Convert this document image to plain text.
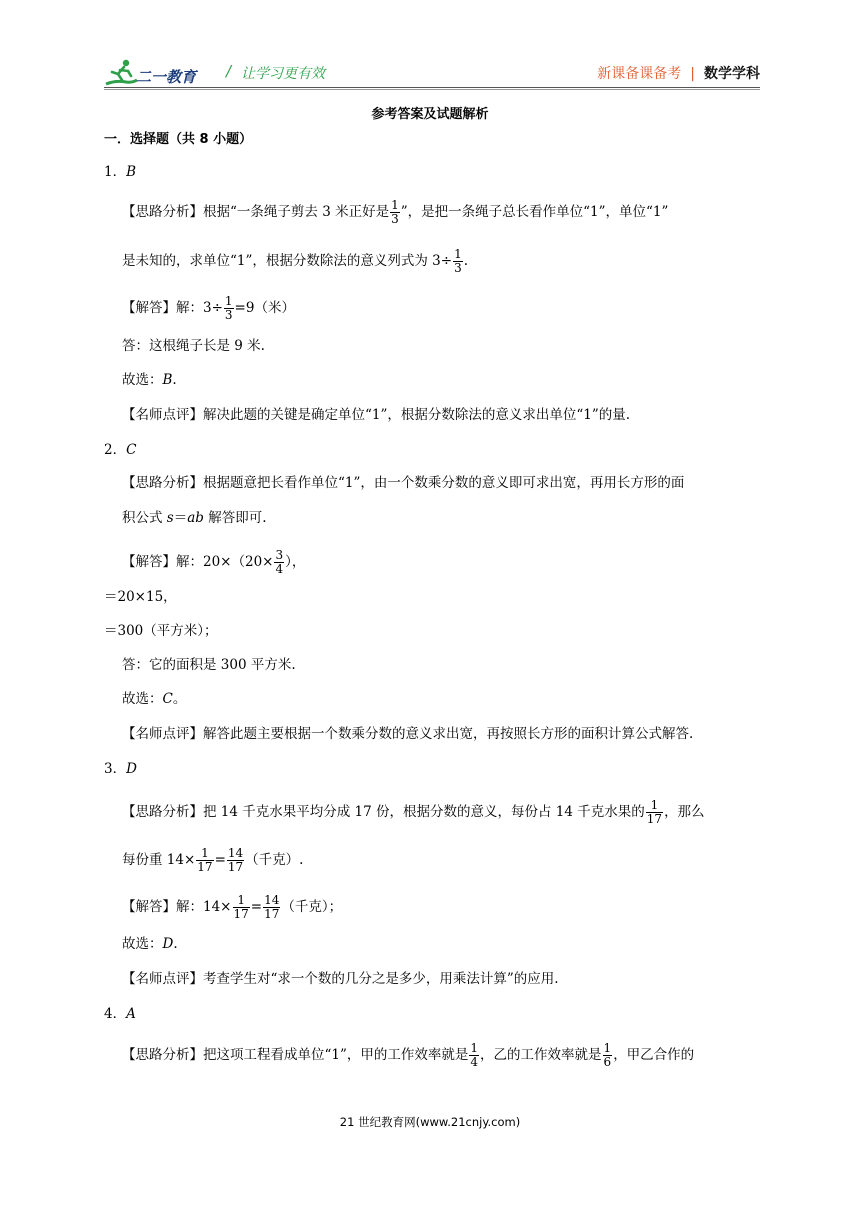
二一教育 / 让学习更有效	新课备课备考 | 数学学科
参考答案及试题解析
一．选择题（共 8 小题）
1．B
【思路分析】根据“一条绳子剪去 3 米正好是 $\frac{1}{3}$ ”，是把一条绳子总长看作单位“1”，单位“1”
是未知的，求单位“1”，根据分数除法的意义列式为 $3\div \frac{1}{3}$ .
【解答】解：$3\div \frac{1}{3} =9$（米）
答：这根绳子长是 9 米.
故选：B.
【名师点评】解决此题的关键是确定单位“1”，根据分数除法的意义求出单位“1”的量.
2．C
【思路分析】根据题意把长看作单位“1”，由一个数乘分数的意义即可求出宽，再用长方形的面
积公式 s＝ab 解答即可.
【解答】解：$20\times(20\times \frac{3}{4}$ ），
＝20×15，
＝300（平方米）；
答：它的面积是 300 平方米.
故选：C。
【名师点评】解答此题主要根据一个数乘分数的意义求出宽，再按照长方形的面积计算公式解答.
3．D
【思路分析】把 14 千克水果平均分成 17 份，根据分数的意义，每份占 14 千克水果的 $\frac{1}{17}$ ，那么
每份重 $14\times \frac{1}{17} = \frac{14}{17}$ （千克）.
【解答】解：$14\times \frac{1}{17} = \frac{14}{17}$ （千克）；
故选：D.
【名师点评】考查学生对“求一个数的几分之是多少，用乘法计算”的应用.
4．A
【思路分析】把这项工程看成单位“1”，甲的工作效率就是 $\frac{1}{4}$ ，乙的工作效率就是 $\frac{1}{6}$ ，甲乙合作的
21 世纪教育网(www.21cnjy.com)
